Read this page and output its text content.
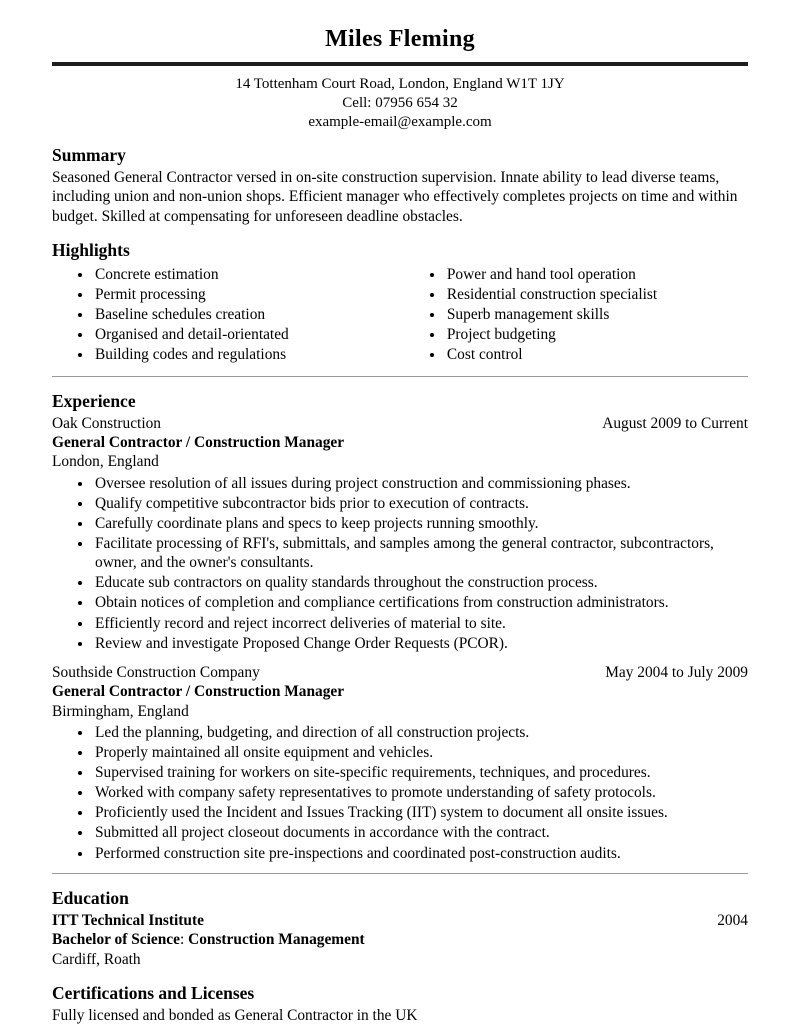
Miles Fleming
14 Tottenham Court Road, London, England W1T 1JY
Cell: 07956 654 32
example-email@example.com
Summary

Seasoned General Contractor versed in on-site construction supervision. Innate ability to lead diverse teams, including union and non-union shops. Efficient manager who effectively completes projects on time and within budget. Skilled at compensating for unforeseen deadline obstacles.

Highlights
• Concrete estimation
• Permit processing
• Baseline schedules creation
• Organised and detail-orientated
• Building codes and regulations
• Power and hand tool operation
• Residential construction specialist
• Superb management skills
• Project budgeting
• Cost control
Experience
Oak Construction	August 2009 to Current
General Contractor / Construction Manager
London, England
• Oversee resolution of all issues during project construction and commissioning phases.
• Qualify competitive subcontractor bids prior to execution of contracts.
• Carefully coordinate plans and specs to keep projects running smoothly.
• Facilitate processing of RFI's, submittals, and samples among the general contractor, subcontractors, owner, and the owner's consultants.
• Educate sub contractors on quality standards throughout the construction process.
• Obtain notices of completion and compliance certifications from construction administrators.
• Efficiently record and reject incorrect deliveries of material to site.
• Review and investigate Proposed Change Order Requests (PCOR).
Southside Construction Company	May 2004 to July 2009
General Contractor / Construction Manager
Birmingham, England
• Led the planning, budgeting, and direction of all construction projects.
• Properly maintained all onsite equipment and vehicles.
• Supervised training for workers on site-specific requirements, techniques, and procedures.
• Worked with company safety representatives to promote understanding of safety protocols.
• Proficiently used the Incident and Issues Tracking (IIT) system to document all onsite issues.
• Submitted all project closeout documents in accordance with the contract.
• Performed construction site pre-inspections and coordinated post-construction audits.
Education
ITT Technical Institute	2004
Bachelor of Science: Construction Management
Cardiff, Roath
Certifications and Licenses

Fully licensed and bonded as General Contractor in the UK
